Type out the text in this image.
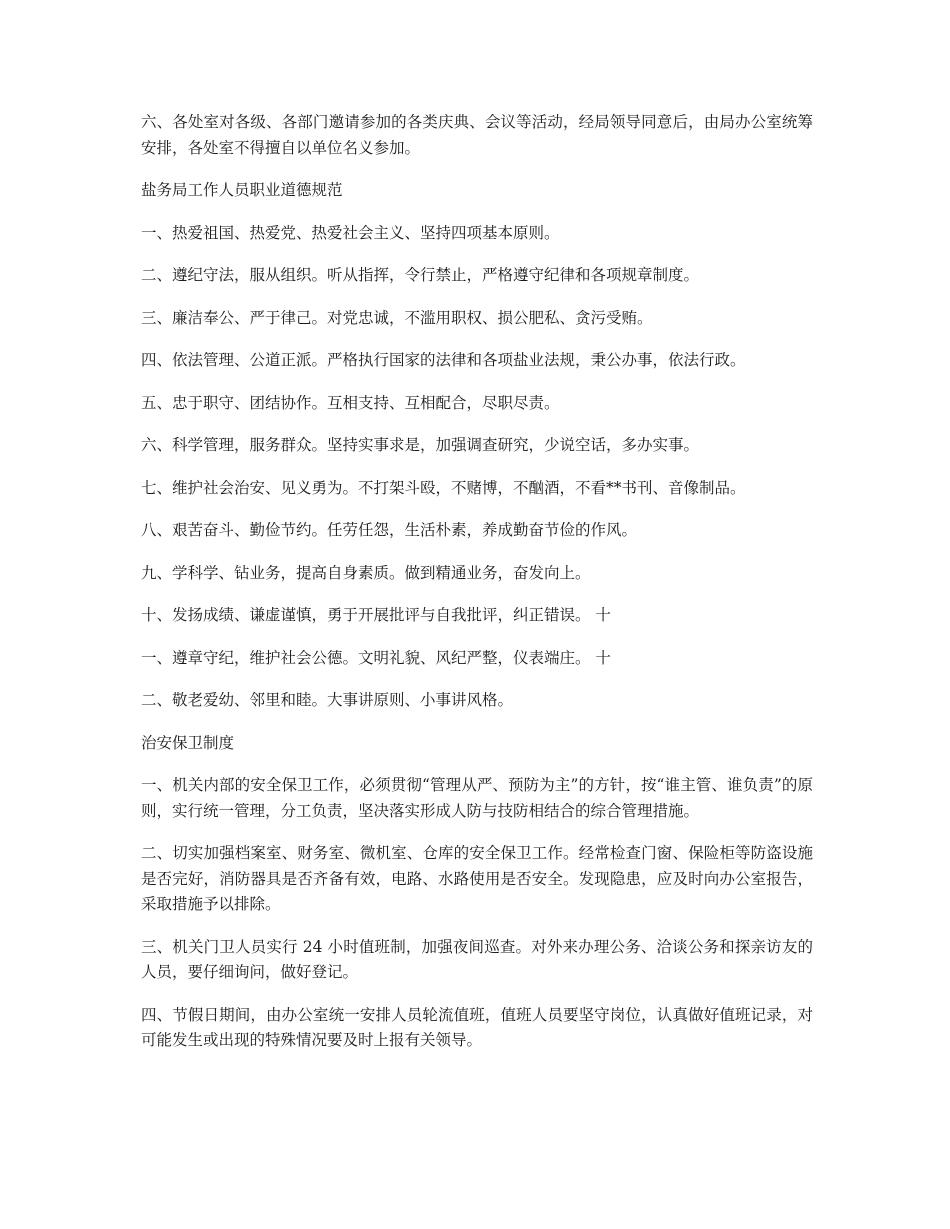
六、各处室对各级、各部门邀请参加的各类庆典、会议等活动，经局领导同意后，由局办公室统筹安排，各处室不得擅自以单位名义参加。

盐务局工作人员职业道德规范

一、热爱祖国、热爱党、热爱社会主义、坚持四项基本原则。

二、遵纪守法，服从组织。听从指挥，令行禁止，严格遵守纪律和各项规章制度。

三、廉洁奉公、严于律己。对党忠诚，不滥用职权、损公肥私、贪污受贿。

四、依法管理、公道正派。严格执行国家的法律和各项盐业法规，秉公办事，依法行政。

五、忠于职守、团结协作。互相支持、互相配合，尽职尽责。

六、科学管理，服务群众。坚持实事求是，加强调查研究，少说空话，多办实事。

七、维护社会治安、见义勇为。不打架斗殴，不赌博，不酗酒，不看**书刊、音像制品。

八、艰苦奋斗、勤俭节约。任劳任怨，生活朴素，养成勤奋节俭的作风。

九、学科学、钻业务，提高自身素质。做到精通业务，奋发向上。

十、发扬成绩、谦虚谨慎，勇于开展批评与自我批评，纠正错误。 十

一、遵章守纪，维护社会公德。文明礼貌、风纪严整，仪表端庄。 十

二、敬老爱幼、邻里和睦。大事讲原则、小事讲风格。

治安保卫制度

一、机关内部的安全保卫工作，必须贯彻“管理从严、预防为主”的方针，按“谁主管、谁负责”的原则，实行统一管理，分工负责，坚决落实形成人防与技防相结合的综合管理措施。

二、切实加强档案室、财务室、微机室、仓库的安全保卫工作。经常检查门窗、保险柜等防盗设施是否完好，消防器具是否齐备有效，电路、水路使用是否安全。发现隐患，应及时向办公室报告，采取措施予以排除。

三、机关门卫人员实行 24 小时值班制，加强夜间巡查。对外来办理公务、洽谈公务和探亲访友的人员，要仔细询问，做好登记。

四、节假日期间，由办公室统一安排人员轮流值班，值班人员要坚守岗位，认真做好值班记录，对可能发生或出现的特殊情况要及时上报有关领导。
